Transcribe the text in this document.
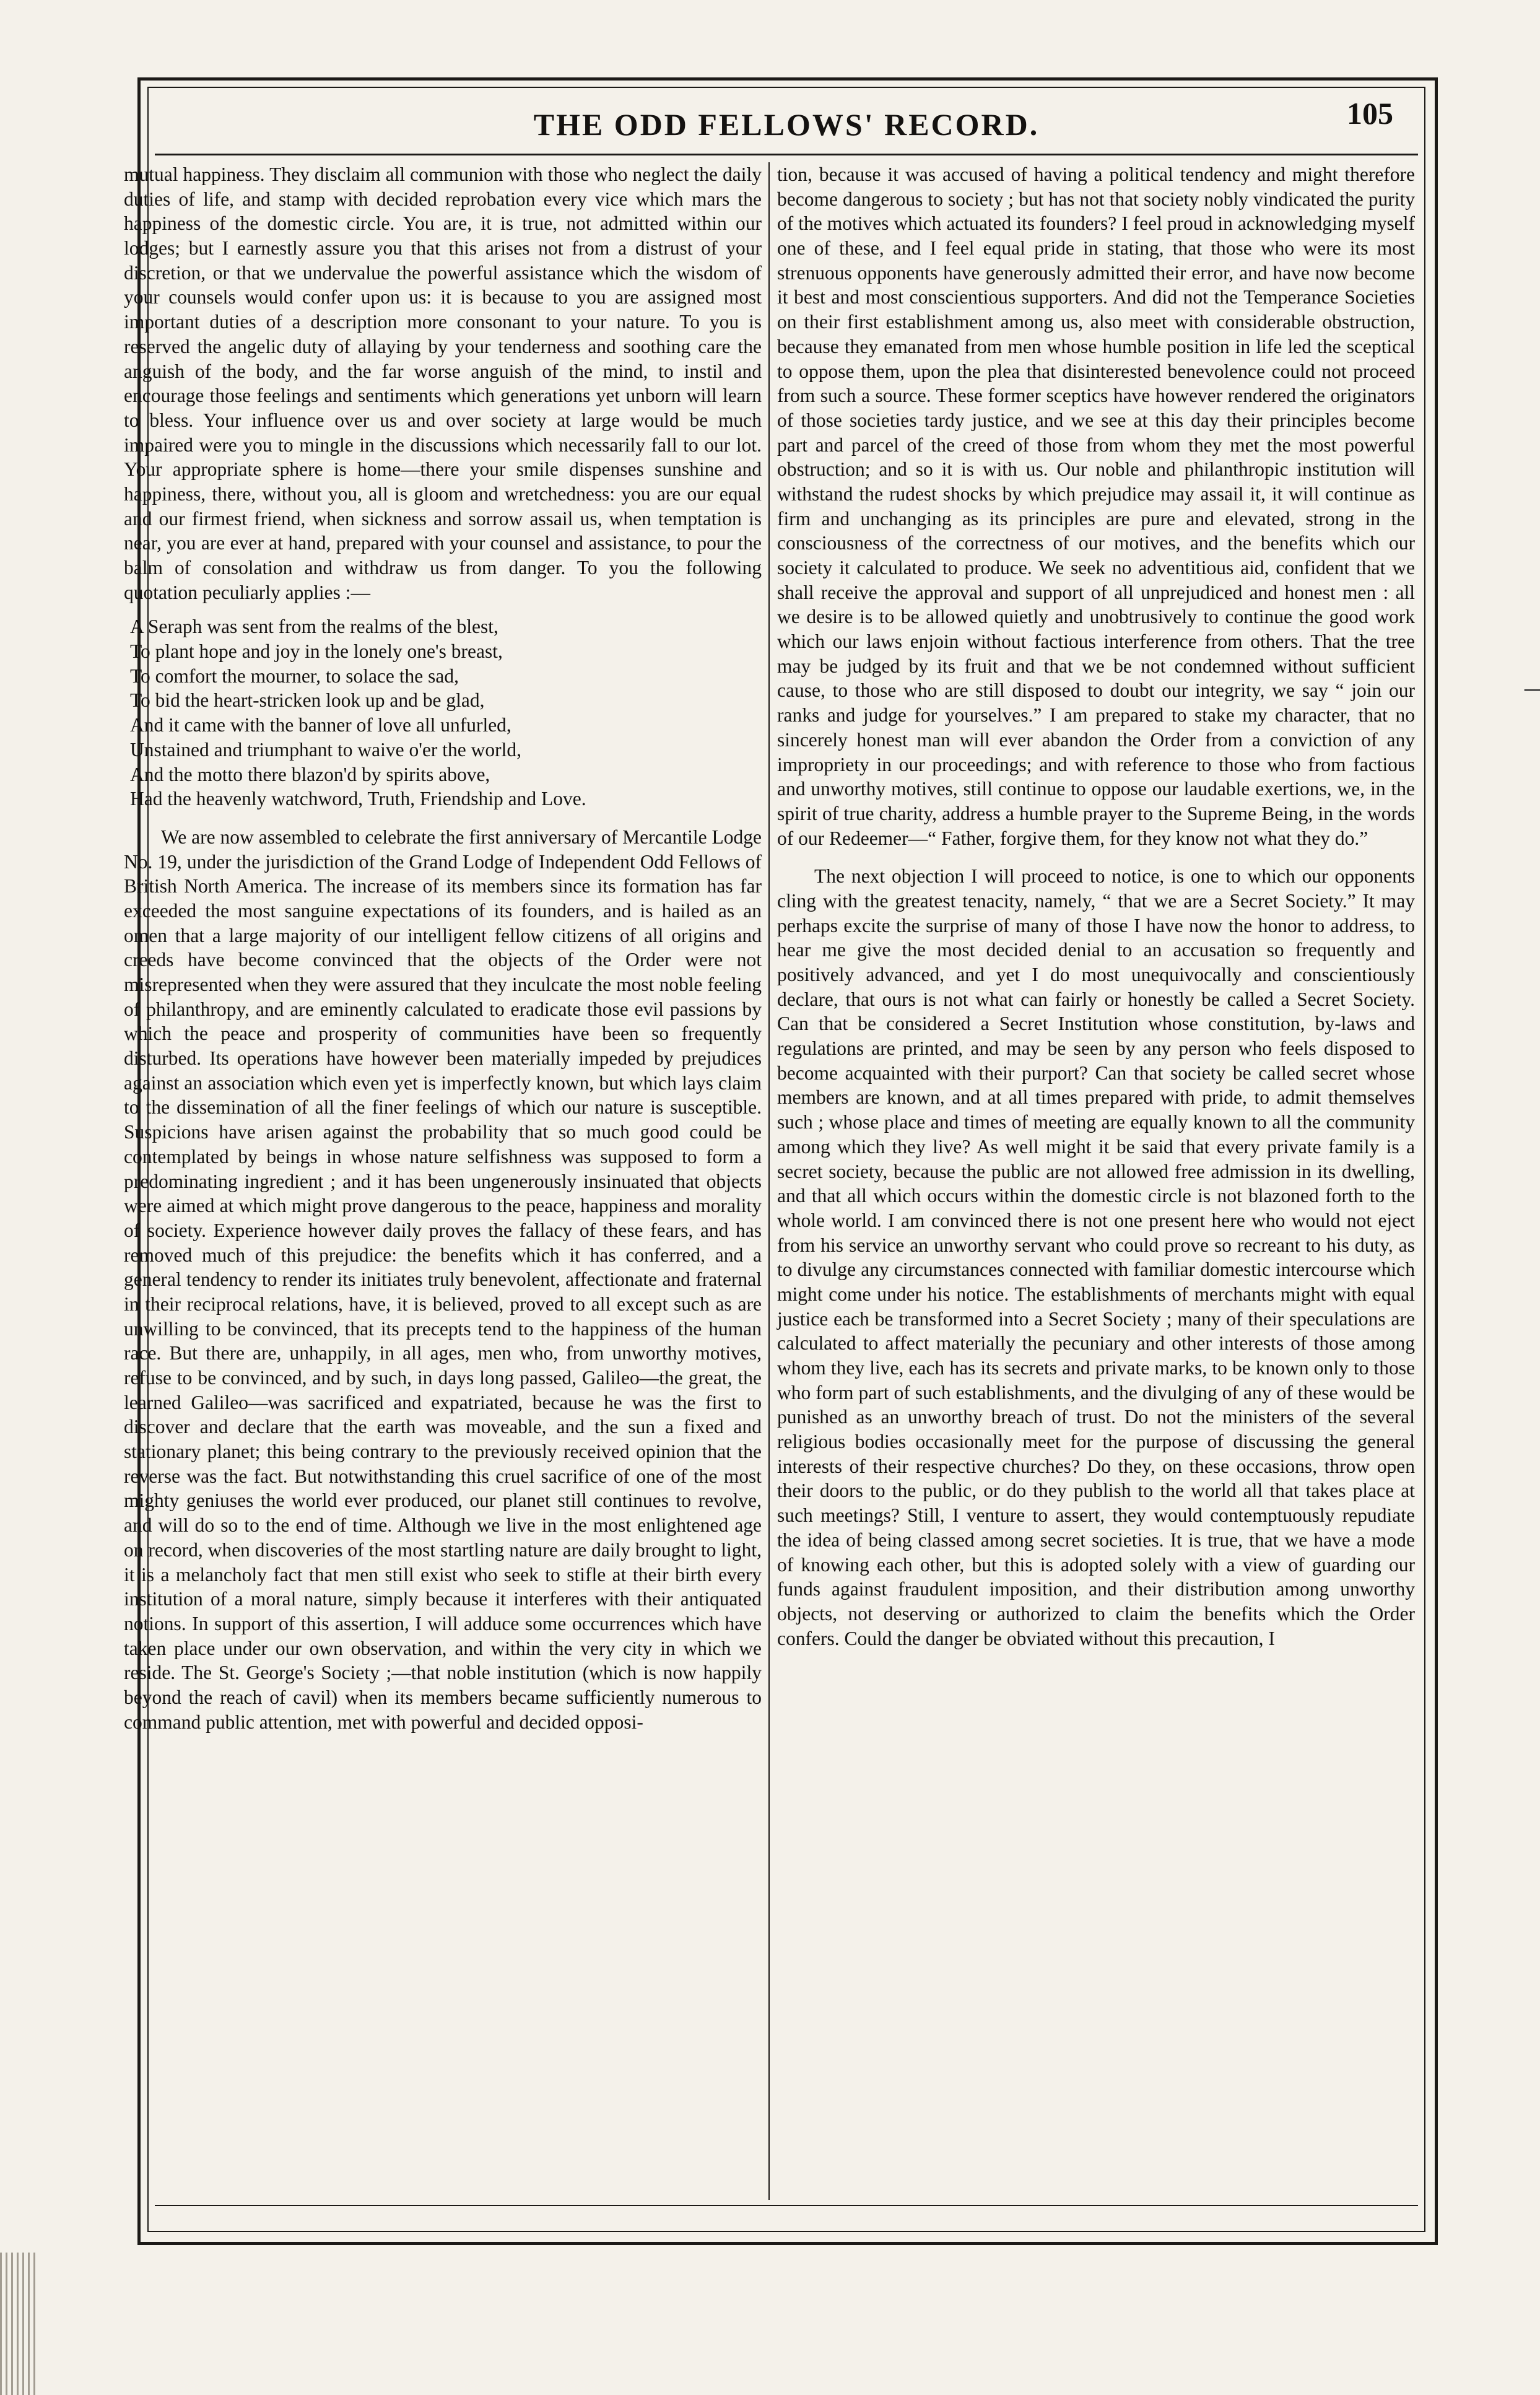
THE ODD FELLOWS' RECORD.	105

mutual happiness. They disclaim all communion with those who neglect the daily duties of life, and stamp with decided reprobation every vice which mars the happiness of the domestic circle. You are, it is true, not admitted within our lodges; but I earnestly assure you that this arises not from a distrust of your discretion, or that we undervalue the powerful assistance which the wisdom of your counsels would confer upon us: it is because to you are assigned most important duties of a description more consonant to your nature. To you is reserved the angelic duty of allaying by your tenderness and soothing care the anguish of the body, and the far worse anguish of the mind, to instil and encourage those feelings and sentiments which generations yet unborn will learn to bless. Your influence over us and over society at large would be much impaired were you to mingle in the discussions which necessarily fall to our lot. Your appropriate sphere is home—there your smile dispenses sunshine and happiness, there, without you, all is gloom and wretchedness: you are our equal and our firmest friend, when sickness and sorrow assail us, when temptation is near, you are ever at hand, prepared with your counsel and assistance, to pour the balm of consolation and withdraw us from danger. To you the following quotation peculiarly applies :—

A Seraph was sent from the realms of the blest,
To plant hope and joy in the lonely one's breast,
To comfort the mourner, to solace the sad,
To bid the heart-stricken look up and be glad,
And it came with the banner of love all unfurled,
Unstained and triumphant to waive o'er the world,
And the motto there blazon'd by spirits above,
Had the heavenly watchword, Truth, Friendship and Love.

We are now assembled to celebrate the first anniversary of Mercantile Lodge No. 19, under the jurisdiction of the Grand Lodge of Independent Odd Fellows of British North America. The increase of its members since its formation has far exceeded the most sanguine expectations of its founders, and is hailed as an omen that a large majority of our intelligent fellow citizens of all origins and creeds have become convinced that the objects of the Order were not misrepresented when they were assured that they inculcate the most noble feeling of philanthropy, and are eminently calculated to eradicate those evil passions by which the peace and prosperity of communities have been so frequently disturbed. Its operations have however been materially impeded by prejudices against an association which even yet is imperfectly known, but which lays claim to the dissemination of all the finer feelings of which our nature is susceptible. Suspicions have arisen against the probability that so much good could be contemplated by beings in whose nature selfishness was supposed to form a predominating ingredient ; and it has been ungenerously insinuated that objects were aimed at which might prove dangerous to the peace, happiness and morality of society. Experience however daily proves the fallacy of these fears, and has removed much of this prejudice: the benefits which it has conferred, and a general tendency to render its initiates truly benevolent, affectionate and fraternal in their reciprocal relations, have, it is believed, proved to all except such as are unwilling to be convinced, that its precepts tend to the happiness of the human race. But there are, unhappily, in all ages, men who, from unworthy motives, refuse to be convinced, and by such, in days long passed, Galileo—the great, the learned Galileo—was sacrificed and expatriated, because he was the first to discover and declare that the earth was moveable, and the sun a fixed and stationary planet; this being contrary to the previously received opinion that the reverse was the fact. But notwithstanding this cruel sacrifice of one of the most mighty geniuses the world ever produced, our planet still continues to revolve, and will do so to the end of time. Although we live in the most enlightened age on record, when discoveries of the most startling nature are daily brought to light, it is a melancholy fact that men still exist who seek to stifle at their birth every institution of a moral nature, simply because it interferes with their antiquated notions. In support of this assertion, I will adduce some occurrences which have taken place under our own observation, and within the very city in which we reside. The St. George's Society ;—that noble institution (which is now happily beyond the reach of cavil) when its members became sufficiently numerous to command public attention, met with powerful and decided opposi-

tion, because it was accused of having a political tendency and might therefore become dangerous to society ; but has not that society nobly vindicated the purity of the motives which actuated its founders? I feel proud in acknowledging myself one of these, and I feel equal pride in stating, that those who were its most strenuous opponents have generously admitted their error, and have now become it best and most conscientious supporters. And did not the Temperance Societies on their first establishment among us, also meet with considerable obstruction, because they emanated from men whose humble position in life led the sceptical to oppose them, upon the plea that disinterested benevolence could not proceed from such a source. These former sceptics have however rendered the originators of those societies tardy justice, and we see at this day their principles become part and parcel of the creed of those from whom they met the most powerful obstruction; and so it is with us. Our noble and philanthropic institution will withstand the rudest shocks by which prejudice may assail it, it will continue as firm and unchanging as its principles are pure and elevated, strong in the consciousness of the correctness of our motives, and the benefits which our society it calculated to produce. We seek no adventitious aid, confident that we shall receive the approval and support of all unprejudiced and honest men : all we desire is to be allowed quietly and unobtrusively to continue the good work which our laws enjoin without factious interference from others. That the tree may be judged by its fruit and that we be not condemned without sufficient cause, to those who are still disposed to doubt our integrity, we say “ join our ranks and judge for yourselves.” I am prepared to stake my character, that no sincerely honest man will ever abandon the Order from a conviction of any impropriety in our proceedings; and with reference to those who from factious and unworthy motives, still continue to oppose our laudable exertions, we, in the spirit of true charity, address a humble prayer to the Supreme Being, in the words of our Redeemer—“ Father, forgive them, for they know not what they do.”

The next objection I will proceed to notice, is one to which our opponents cling with the greatest tenacity, namely, “ that we are a Secret Society.” It may perhaps excite the surprise of many of those I have now the honor to address, to hear me give the most decided denial to an accusation so frequently and positively advanced, and yet I do most unequivocally and conscientiously declare, that ours is not what can fairly or honestly be called a Secret Society. Can that be considered a Secret Institution whose constitution, by-laws and regulations are printed, and may be seen by any person who feels disposed to become acquainted with their purport? Can that society be called secret whose members are known, and at all times prepared with pride, to admit themselves such ; whose place and times of meeting are equally known to all the community among which they live? As well might it be said that every private family is a secret society, because the public are not allowed free admission in its dwelling, and that all which occurs within the domestic circle is not blazoned forth to the whole world. I am convinced there is not one present here who would not eject from his service an unworthy servant who could prove so recreant to his duty, as to divulge any circumstances connected with familiar domestic intercourse which might come under his notice. The establishments of merchants might with equal justice each be transformed into a Secret Society ; many of their speculations are calculated to affect materially the pecuniary and other interests of those among whom they live, each has its secrets and private marks, to be known only to those who form part of such establishments, and the divulging of any of these would be punished as an unworthy breach of trust. Do not the ministers of the several religious bodies occasionally meet for the purpose of discussing the general interests of their respective churches? Do they, on these occasions, throw open their doors to the public, or do they publish to the world all that takes place at such meetings? Still, I venture to assert, they would contemptuously repudiate the idea of being classed among secret societies. It is true, that we have a mode of knowing each other, but this is adopted solely with a view of guarding our funds against fraudulent imposition, and their distribution among unworthy objects, not deserving or authorized to claim the benefits which the Order confers. Could the danger be obviated without this precaution, I

–
